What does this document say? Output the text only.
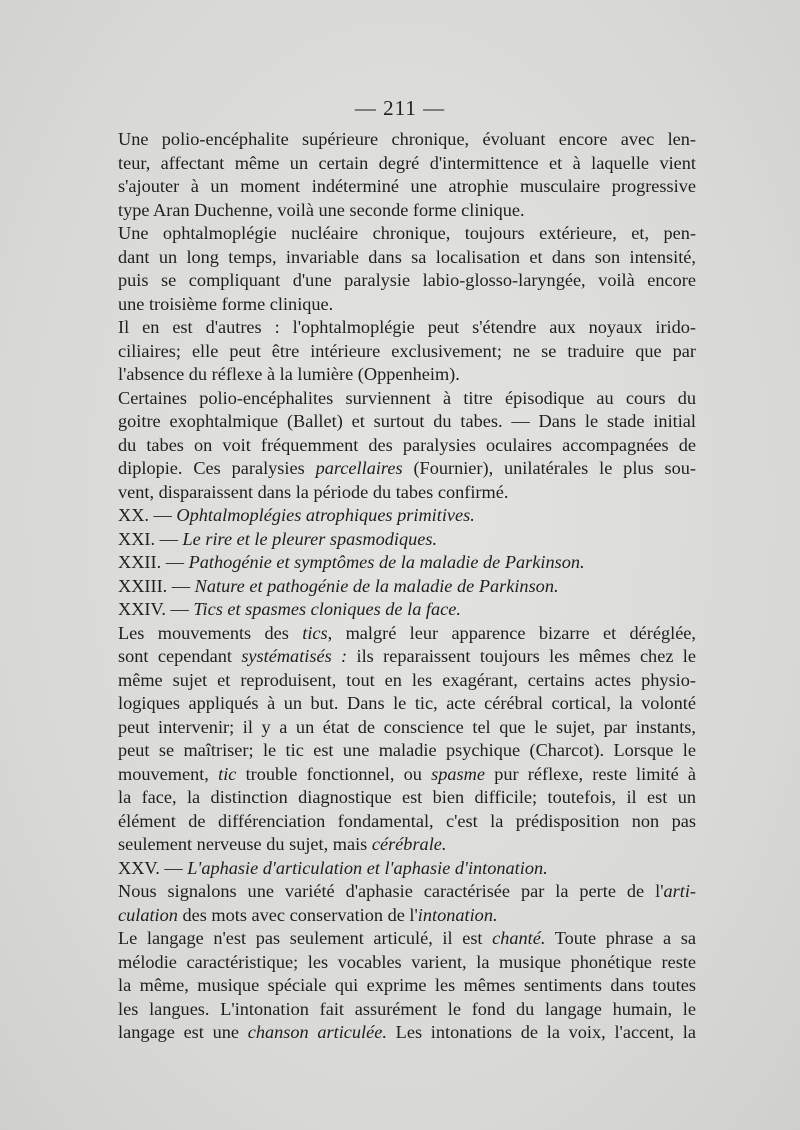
— 211 —
Une polio-encéphalite supérieure chronique, évoluant encore avec len-
teur, affectant même un certain degré d'intermittence et à laquelle vient
s'ajouter à un moment indéterminé une atrophie musculaire progressive
type Aran Duchenne, voilà une seconde forme clinique.
Une ophtalmoplégie nucléaire chronique, toujours extérieure, et, pen-
dant un long temps, invariable dans sa localisation et dans son intensité,
puis se compliquant d'une paralysie labio-glosso-laryngée, voilà encore
une troisième forme clinique.
Il en est d'autres : l'ophtalmoplégie peut s'étendre aux noyaux irido-
ciliaires; elle peut être intérieure exclusivement; ne se traduire que par
l'absence du réflexe à la lumière (Oppenheim).
Certaines polio-encéphalites surviennent à titre épisodique au cours du
goitre exophtalmique (Ballet) et surtout du tabes. — Dans le stade initial
du tabes on voit fréquemment des paralysies oculaires accompagnées de
diplopie. Ces paralysies parcellaires (Fournier), unilatérales le plus sou-
vent, disparaissent dans la période du tabes confirmé.
XX. — Ophtalmoplégies atrophiques primitives.
XXI. — Le rire et le pleurer spasmodiques.
XXII. — Pathogénie et symptômes de la maladie de Parkinson.
XXIII. — Nature et pathogénie de la maladie de Parkinson.
XXIV. — Tics et spasmes cloniques de la face.
Les mouvements des tics, malgré leur apparence bizarre et déréglée,
sont cependant systématisés : ils reparaissent toujours les mêmes chez le
même sujet et reproduisent, tout en les exagérant, certains actes physio-
logiques appliqués à un but. Dans le tic, acte cérébral cortical, la volonté
peut intervenir; il y a un état de conscience tel que le sujet, par instants,
peut se maîtriser; le tic est une maladie psychique (Charcot). Lorsque le
mouvement, tic trouble fonctionnel, ou spasme pur réflexe, reste limité à
la face, la distinction diagnostique est bien difficile; toutefois, il est un
élément de différenciation fondamental, c'est la prédisposition non pas
seulement nerveuse du sujet, mais cérébrale.
XXV. — L'aphasie d'articulation et l'aphasie d'intonation.
Nous signalons une variété d'aphasie caractérisée par la perte de l'arti-
culation des mots avec conservation de l'intonation.
Le langage n'est pas seulement articulé, il est chanté. Toute phrase a sa
mélodie caractéristique; les vocables varient, la musique phonétique reste
la même, musique spéciale qui exprime les mêmes sentiments dans toutes
les langues. L'intonation fait assurément le fond du langage humain, le
langage est une chanson articulée. Les intonations de la voix, l'accent, la
